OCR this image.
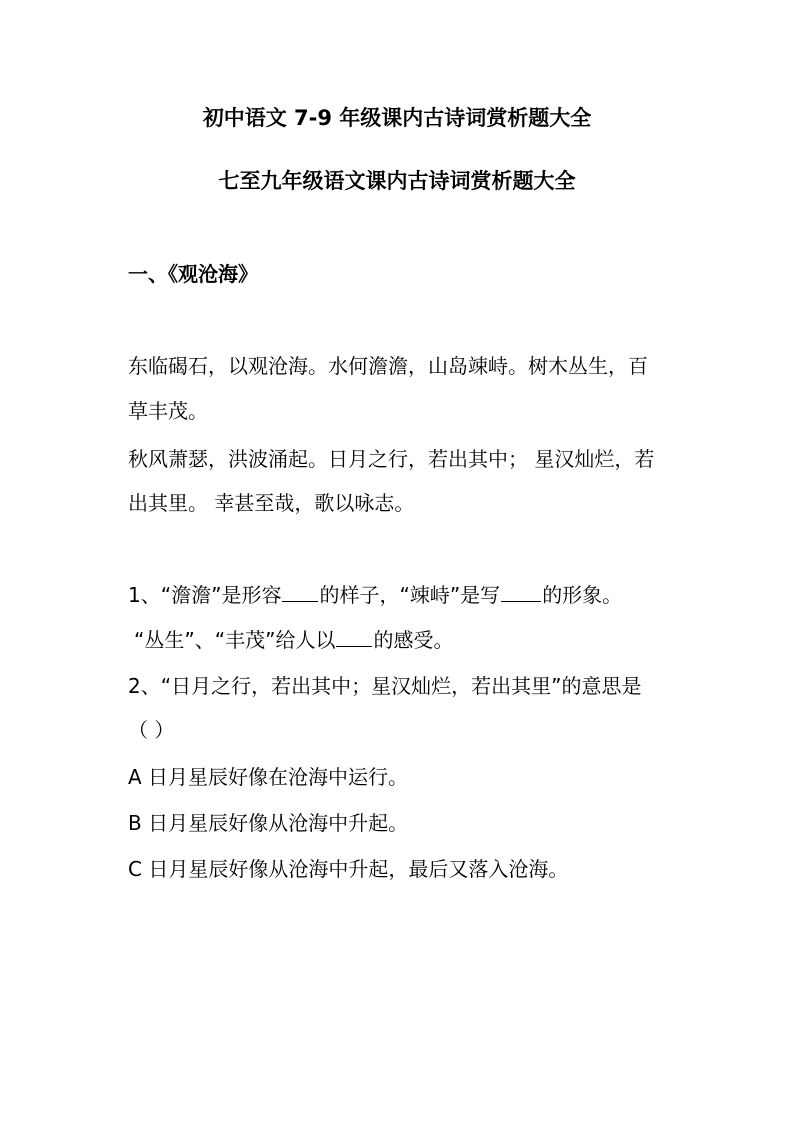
初中语文 7-9 年级课内古诗词赏析题大全
七至九年级语文课内古诗词赏析题大全
一、《观沧海》
东临碣石，以观沧海。水何澹澹，山岛竦峙。树木丛生，百
草丰茂。
秋风萧瑟，洪波涌起。日月之行，若出其中； 星汉灿烂，若
出其里。 幸甚至哉，歌以咏志。
1、“澹澹”是形容 的样子，“竦峙”是写 的形象。
“丛生”、“丰茂”给人以 的感受。
2、“日月之行，若出其中；星汉灿烂，若出其里”的意思是
（ ）
A 日月星辰好像在沧海中运行。
B 日月星辰好像从沧海中升起。
C 日月星辰好像从沧海中升起，最后又落入沧海。
